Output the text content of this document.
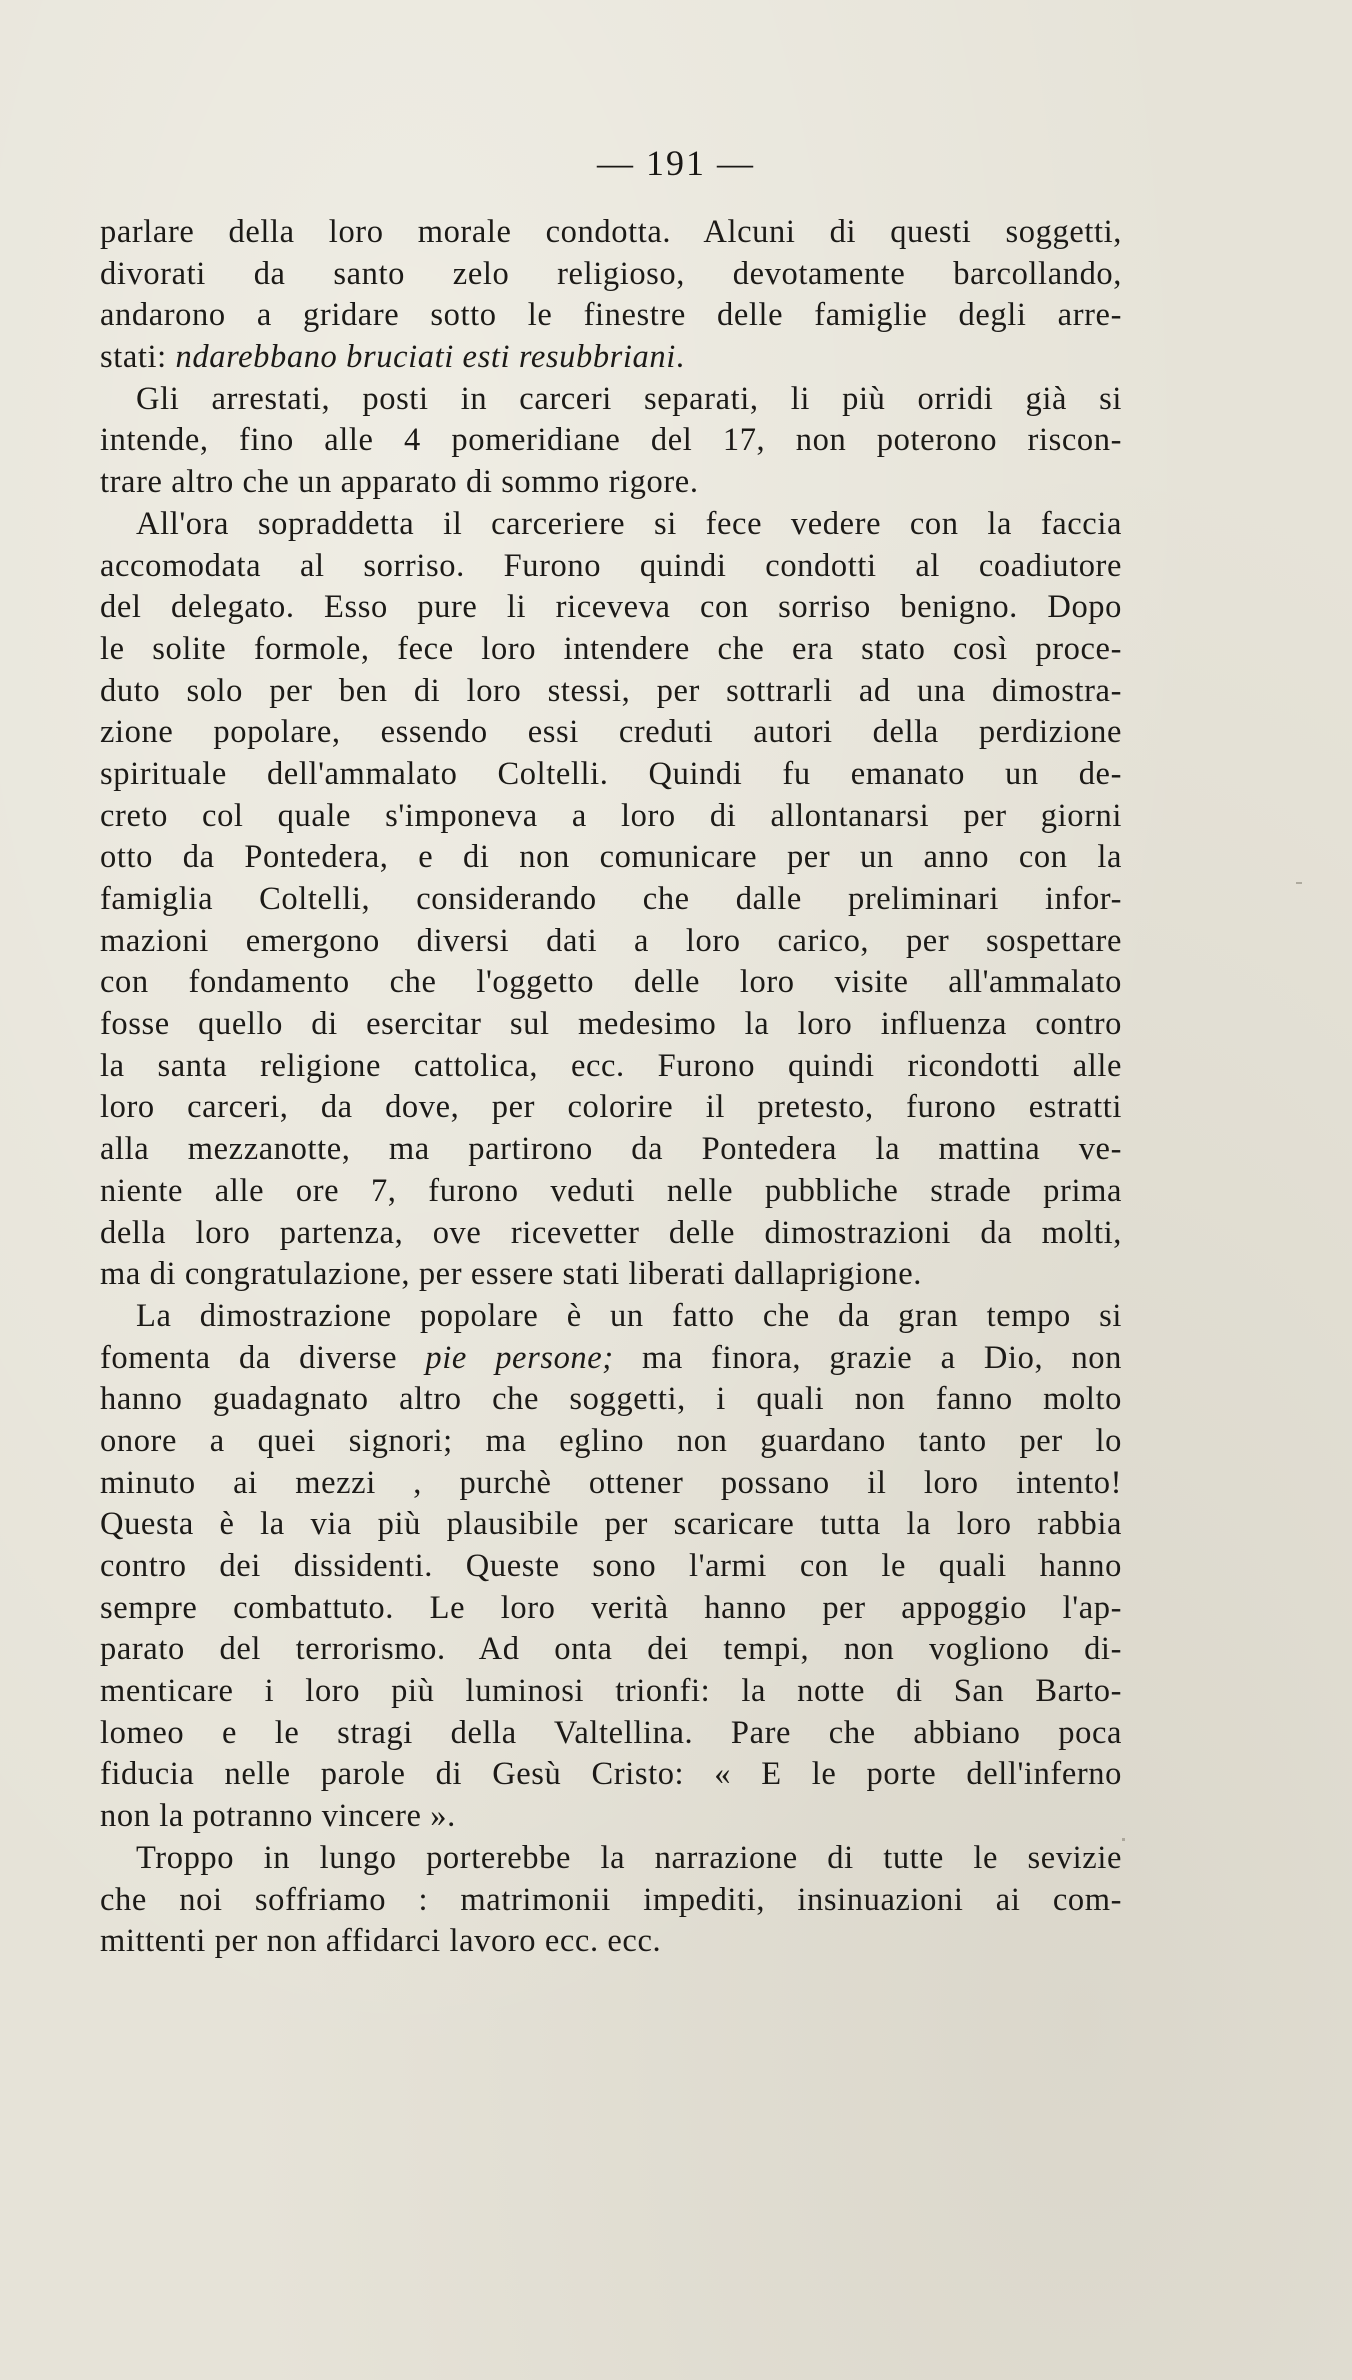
— 191 —
parlare della loro morale condotta. Alcuni di questi soggetti,
divorati da santo zelo religioso, devotamente barcollando,
andarono a gridare sotto le finestre delle famiglie degli arre-
stati: ndarebbano bruciati esti resubbriani.
Gli arrestati, posti in carceri separati, li più orridi già si
intende, fino alle 4 pomeridiane del 17, non poterono riscon-
trare altro che un apparato di sommo rigore.
All'ora sopraddetta il carceriere si fece vedere con la faccia
accomodata al sorriso. Furono quindi condotti al coadiutore
del delegato. Esso pure li riceveva con sorriso benigno. Dopo
le solite formole, fece loro intendere che era stato così proce-
duto solo per ben di loro stessi, per sottrarli ad una dimostra-
zione popolare, essendo essi creduti autori della perdizione
spirituale dell'ammalato Coltelli. Quindi fu emanato un de-
creto col quale s'imponeva a loro di allontanarsi per giorni
otto da Pontedera, e di non comunicare per un anno con la
famiglia Coltelli, considerando che dalle preliminari infor-
mazioni emergono diversi dati a loro carico, per sospettare
con fondamento che l'oggetto delle loro visite all'ammalato
fosse quello di esercitar sul medesimo la loro influenza contro
la santa religione cattolica, ecc. Furono quindi ricondotti alle
loro carceri, da dove, per colorire il pretesto, furono estratti
alla mezzanotte, ma partirono da Pontedera la mattina ve-
niente alle ore 7, furono veduti nelle pubbliche strade prima
della loro partenza, ove ricevetter delle dimostrazioni da molti,
ma di congratulazione, per essere stati liberati dallaprigione.
La dimostrazione popolare è un fatto che da gran tempo si
fomenta da diverse pie persone; ma finora, grazie a Dio, non
hanno guadagnato altro che soggetti, i quali non fanno molto
onore a quei signori; ma eglino non guardano tanto per lo
minuto ai mezzi , purchè ottener possano il loro intento!
Questa è la via più plausibile per scaricare tutta la loro rabbia
contro dei dissidenti. Queste sono l'armi con le quali hanno
sempre combattuto. Le loro verità hanno per appoggio l'ap-
parato del terrorismo. Ad onta dei tempi, non vogliono di-
menticare i loro più luminosi trionfi: la notte di San Barto-
lomeo e le stragi della Valtellina. Pare che abbiano poca
fiducia nelle parole di Gesù Cristo: « E le porte dell'inferno
non la potranno vincere ».
Troppo in lungo porterebbe la narrazione di tutte le sevizie
che noi soffriamo : matrimonii impediti, insinuazioni ai com-
mittenti per non affidarci lavoro ecc. ecc.
